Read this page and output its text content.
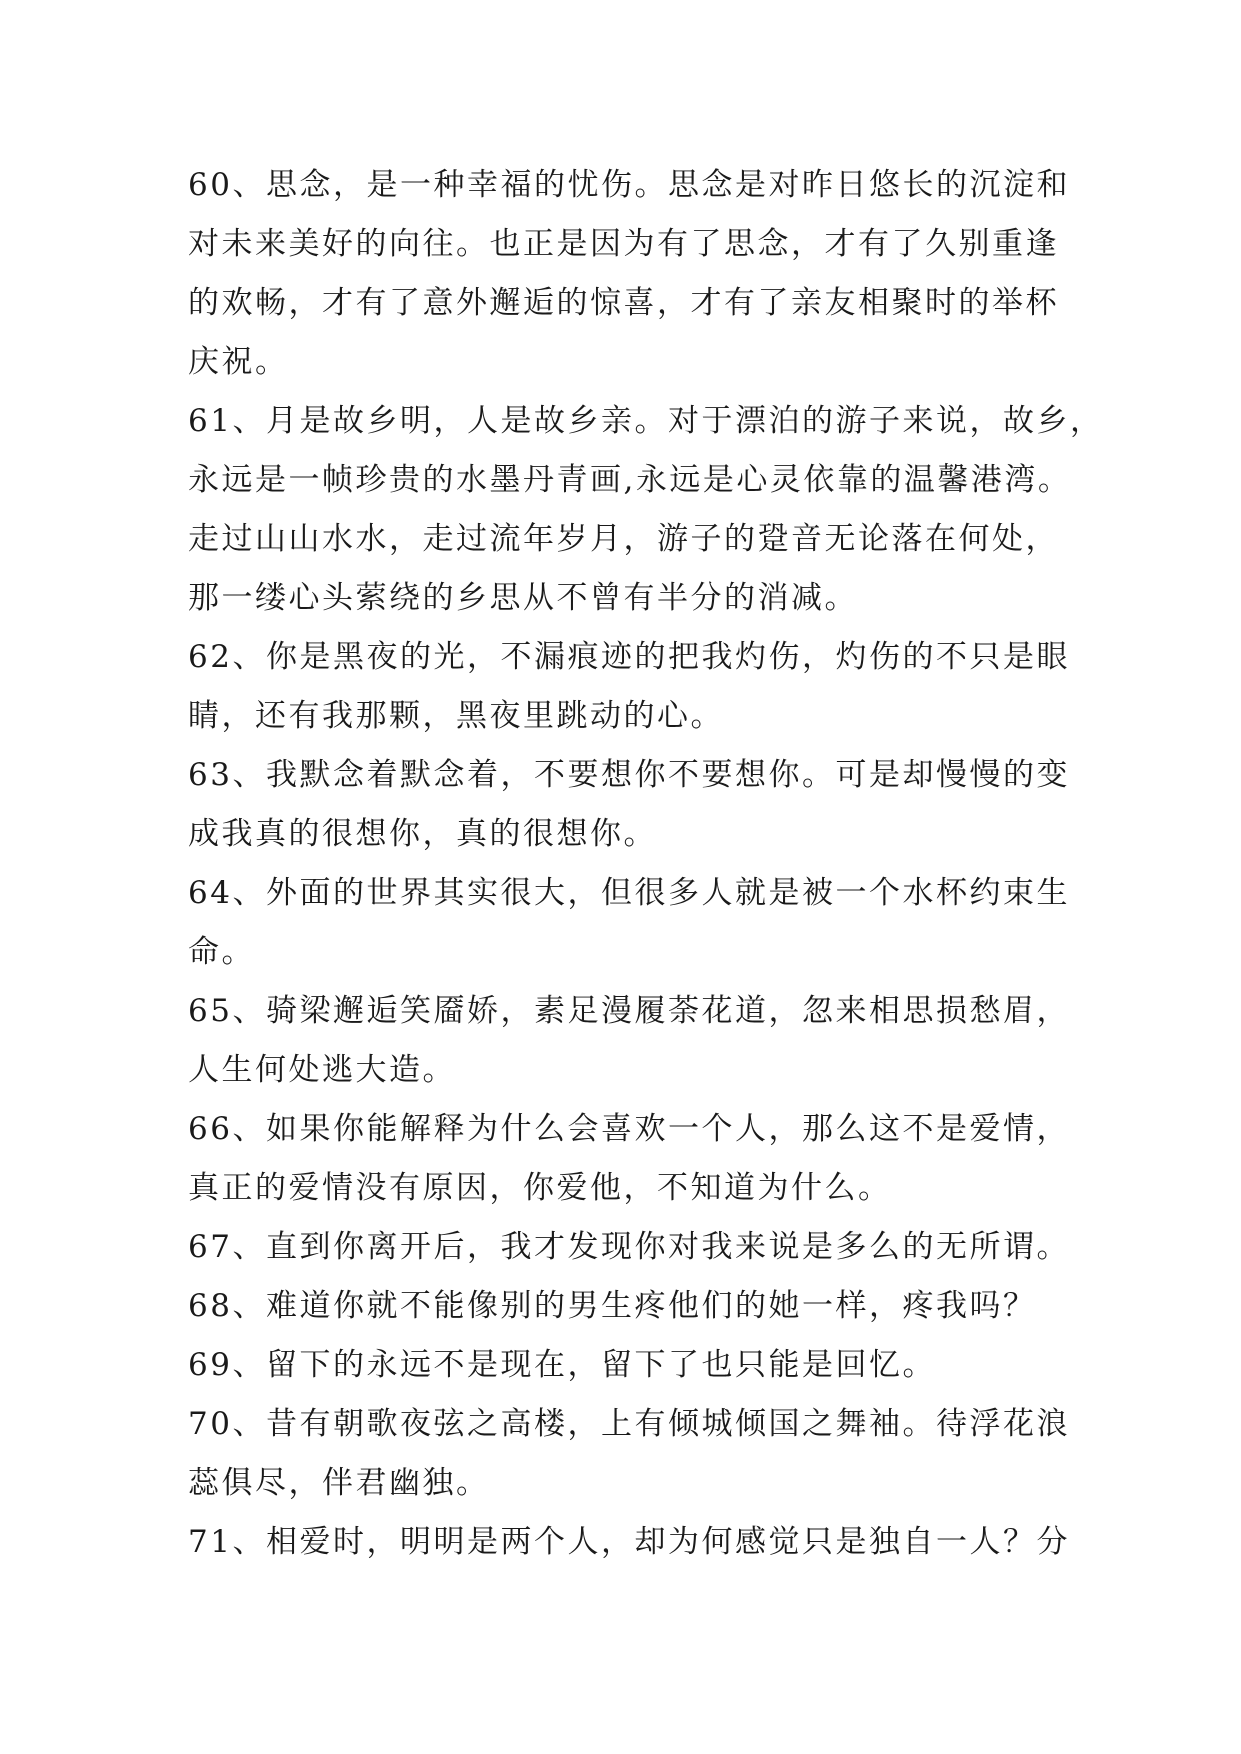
60、思念，是一种幸福的忧伤。思念是对昨日悠长的沉淀和
对未来美好的向往。也正是因为有了思念，才有了久别重逢
的欢畅，才有了意外邂逅的惊喜，才有了亲友相聚时的举杯
庆祝。
61、月是故乡明，人是故乡亲。对于漂泊的游子来说，故乡，
永远是一帧珍贵的水墨丹青画,永远是心灵依靠的温馨港湾。
走过山山水水，走过流年岁月，游子的跫音无论落在何处，
那一缕心头萦绕的乡思从不曾有半分的消减。
62、你是黑夜的光，不漏痕迹的把我灼伤，灼伤的不只是眼
睛，还有我那颗，黑夜里跳动的心。
63、我默念着默念着，不要想你不要想你。可是却慢慢的变
成我真的很想你，真的很想你。
64、外面的世界其实很大，但很多人就是被一个水杯约束生
命。
65、骑梁邂逅笑靥娇，素足漫履荼花道，忽来相思损愁眉，
人生何处逃大造。
66、如果你能解释为什么会喜欢一个人，那么这不是爱情，
真正的爱情没有原因，你爱他，不知道为什么。
67、直到你离开后，我才发现你对我来说是多么的无所谓。
68、难道你就不能像别的男生疼他们的她一样，疼我吗？
69、留下的永远不是现在，留下了也只能是回忆。
70、昔有朝歌夜弦之高楼，上有倾城倾国之舞袖。待浮花浪
蕊俱尽，伴君幽独。
71、相爱时，明明是两个人，却为何感觉只是独自一人？分
